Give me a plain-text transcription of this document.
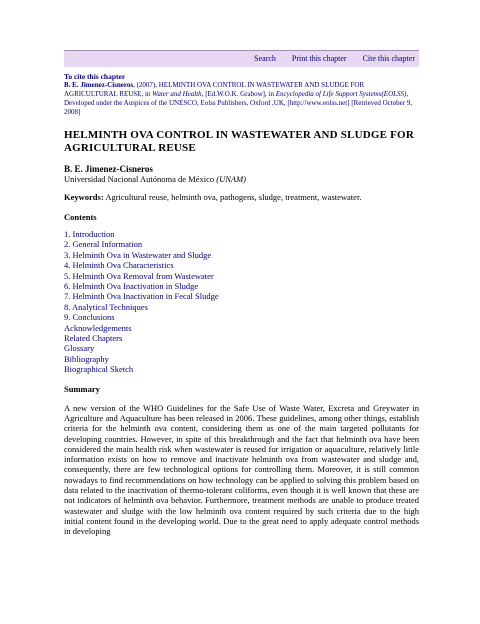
Search Print this chapter Cite this chapter

To cite this chapter

B. E. Jimenez-Cisneros, (2007), HELMINTH OVA CONTROL IN WASTEWATER AND SLUDGE FOR AGRICULTURAL REUSE, in Water and Health, [Ed.W.O.K. Grabow], in Encyclopedia of Life Support Systems(EOLSS), Developed under the Auspices of the UNESCO, Eolss Publishers, Oxford ,UK, [http://www.eolss.net] [Retrieved October 9, 2008]

HELMINTH OVA CONTROL IN WASTEWATER AND SLUDGE FOR AGRICULTURAL REUSE

B. E. Jimenez-Cisneros

Universidad Nacional Autónoma de México (UNAM)

Keywords: Agricultural reuse, helminth ova, pathogens, sludge, treatment, wastewater.

Contents

1. Introduction
2. General Information
3. Helminth Ova in Wastewater and Sludge
4. Helminth Ova Characteristics
5. Helminth Ova Removal from Wastewater
6. Helminth Ova Inactivation in Sludge
7. Helminth Ova Inactivation in Fecal Sludge
8. Analytical Techniques
9. Conclusions
Acknowledgements
Related Chapters
Glossary
Bibliography
Biographical Sketch

Summary

A new version of the WHO Guidelines for the Safe Use of Waste Water, Excreta and Greywater in Agriculture and Aquaculture has been released in 2006. These guidelines, among other things, establish criteria for the helminth ova content, considering them as one of the main targeted pollutants for developing countries. However, in spite of this breakthrough and the fact that helminth ova have been considered the main health risk when wastewater is reused for irrigation or aquaculture, relatively little information exists on how to remove and inactivate helminth ova from wastewater and sludge and, consequently, there are few technological options for controlling them. Moreover, it is still common nowadays to find recommendations on how technology can be applied to solving this problem based on data related to the inactivation of thermo-tolerant coliforms, even though it is well known that these are not indicators of helminth ova behavior. Furthermore, treatment methods are unable to produce treated wastewater and sludge with the low helminth ova content required by such criteria due to the high initial content found in the developing world. Due to the great need to apply adequate control methods in developing
